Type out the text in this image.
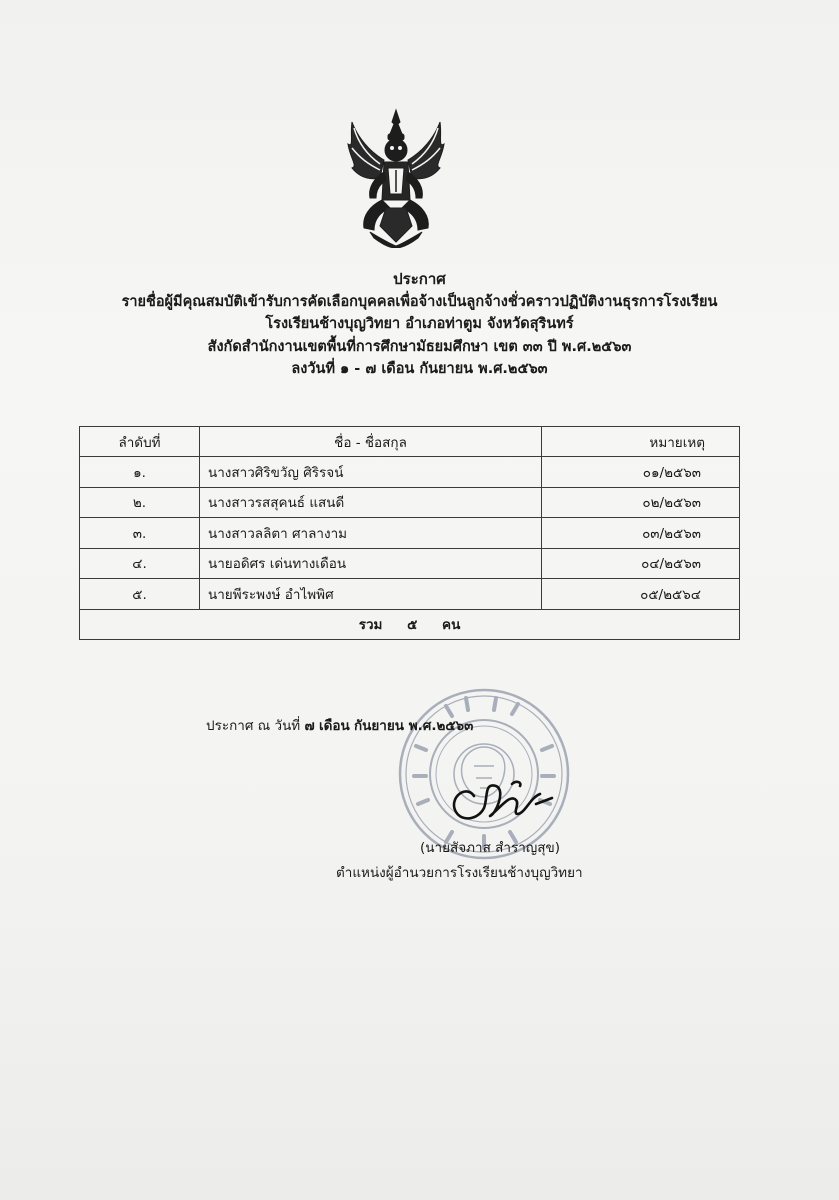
ประกาศ
รายชื่อผู้มีคุณสมบัติเข้ารับการคัดเลือกบุคคลเพื่อจ้างเป็นลูกจ้างชั่วคราวปฏิบัติงานธุรการโรงเรียน
โรงเรียนช้างบุญวิทยา อำเภอท่าตูม จังหวัดสุรินทร์
สังกัดสำนักงานเขตพื้นที่การศึกษามัธยมศึกษา เขต ๓๓ ปี พ.ศ.๒๕๖๓
ลงวันที่ ๑ - ๗ เดือน กันยายน พ.ศ.๒๕๖๓
ลำดับที่	ชื่อ - ชื่อสกุล	หมายเหตุ
๑.	นางสาวศิริขวัญ ศิริรจน์	๐๑/๒๕๖๓
๒.	นางสาวรสสุคนธ์ แสนดี	๐๒/๒๕๖๓
๓.	นางสาวลลิตา ศาลางาม	๐๓/๒๕๖๓
๔.	นายอดิศร เด่นทางเดือน	๐๔/๒๕๖๓
๕.	นายพีระพงษ์ อำไพพิศ	๐๕/๒๕๖๔
รวม ๕ คน		
ประกาศ ณ วันที่ ๗ เดือน กันยายน พ.ศ.๒๕๖๓
(นายสัจภาส สำราญสุข)
ตำแหน่งผู้อำนวยการโรงเรียนช้างบุญวิทยา
